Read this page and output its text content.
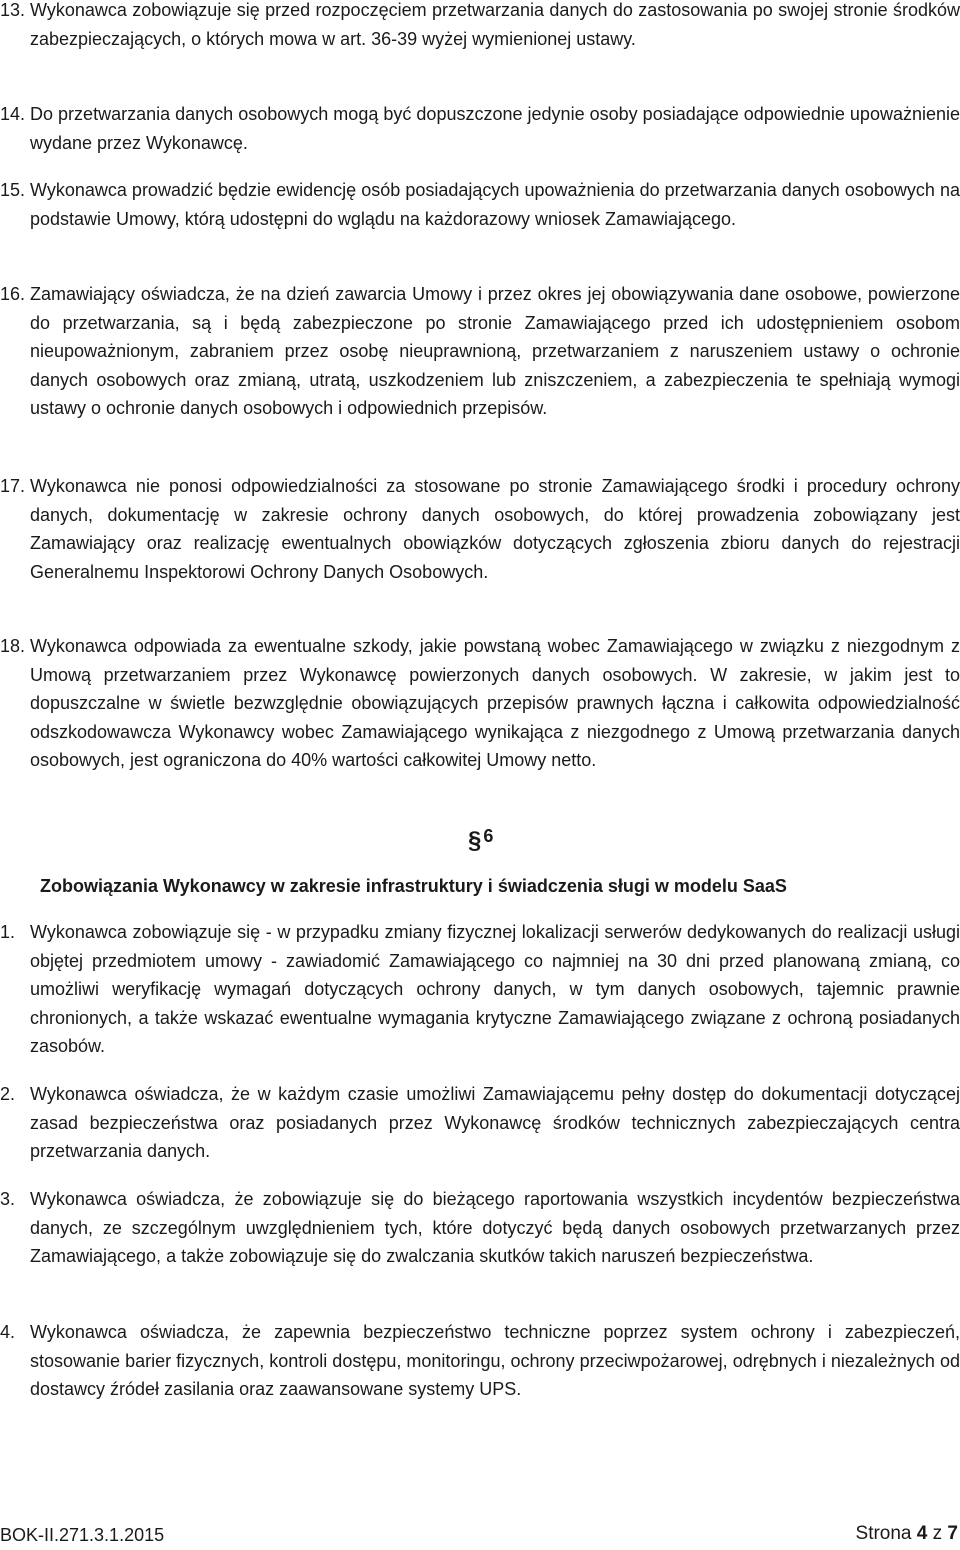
13. Wykonawca zobowiązuje się przed rozpoczęciem przetwarzania danych do zastosowania po swojej stronie środków zabezpieczających, o których mowa w art. 36-39 wyżej wymienionej ustawy.
14. Do przetwarzania danych osobowych mogą być dopuszczone jedynie osoby posiadające odpowiednie upoważnienie wydane przez Wykonawcę.
15. Wykonawca prowadzić będzie ewidencję osób posiadających upoważnienia do przetwarzania danych osobowych na podstawie Umowy, którą udostępni do wglądu na każdorazowy wniosek Zamawiającego.
16. Zamawiający oświadcza, że na dzień zawarcia Umowy i przez okres jej obowiązywania dane osobowe, powierzone do przetwarzania, są i będą zabezpieczone po stronie Zamawiającego przed ich udostępnieniem osobom nieupoważnionym, zabraniem przez osobę nieuprawnioną, przetwarzaniem z naruszeniem ustawy o ochronie danych osobowych oraz zmianą, utratą, uszkodzeniem lub zniszczeniem, a zabezpieczenia te spełniają wymogi ustawy o ochronie danych osobowych i odpowiednich przepisów.
17. Wykonawca nie ponosi odpowiedzialności za stosowane po stronie Zamawiającego środki i procedury ochrony danych, dokumentację w zakresie ochrony danych osobowych, do której prowadzenia zobowiązany jest Zamawiający oraz realizację ewentualnych obowiązków dotyczących zgłoszenia zbioru danych do rejestracji Generalnemu Inspektorowi Ochrony Danych Osobowych.
18. Wykonawca odpowiada za ewentualne szkody, jakie powstaną wobec Zamawiającego w związku z niezgodnym z Umową przetwarzaniem przez Wykonawcę powierzonych danych osobowych. W zakresie, w jakim jest to dopuszczalne w świetle bezwzględnie obowiązujących przepisów prawnych łączna i całkowita odpowiedzialność odszkodowawcza Wykonawcy wobec Zamawiającego wynikająca z niezgodnego z Umową przetwarzania danych osobowych, jest ograniczona do 40% wartości całkowitej Umowy netto.
§ 6
Zobowiązania Wykonawcy w zakresie infrastruktury i świadczenia sługi w modelu SaaS
1. Wykonawca zobowiązuje się - w przypadku zmiany fizycznej lokalizacji serwerów dedykowanych do realizacji usługi objętej przedmiotem umowy - zawiadomić Zamawiającego co najmniej na 30 dni przed planowaną zmianą, co umożliwi weryfikację wymagań dotyczących ochrony danych, w tym danych osobowych, tajemnic prawnie chronionych, a także wskazać ewentualne wymagania krytyczne Zamawiającego związane z ochroną posiadanych zasobów.
2. Wykonawca oświadcza, że w każdym czasie umożliwi Zamawiającemu pełny dostęp do dokumentacji dotyczącej zasad bezpieczeństwa oraz posiadanych przez Wykonawcę środków technicznych zabezpieczających centra przetwarzania danych.
3. Wykonawca oświadcza, że zobowiązuje się do bieżącego raportowania wszystkich incydentów bezpieczeństwa danych, ze szczególnym uwzględnieniem tych, które dotyczyć będą danych osobowych przetwarzanych przez Zamawiającego, a także zobowiązuje się do zwalczania skutków takich naruszeń bezpieczeństwa.
4. Wykonawca oświadcza, że zapewnia bezpieczeństwo techniczne poprzez system ochrony i zabezpieczeń, stosowanie barier fizycznych, kontroli dostępu, monitoringu, ochrony przeciwpożarowej, odrębnych i niezależnych od dostawcy źródeł zasilania oraz zaawansowane systemy UPS.
BOK-II.271.3.1.2015	Strona 4 z 7
